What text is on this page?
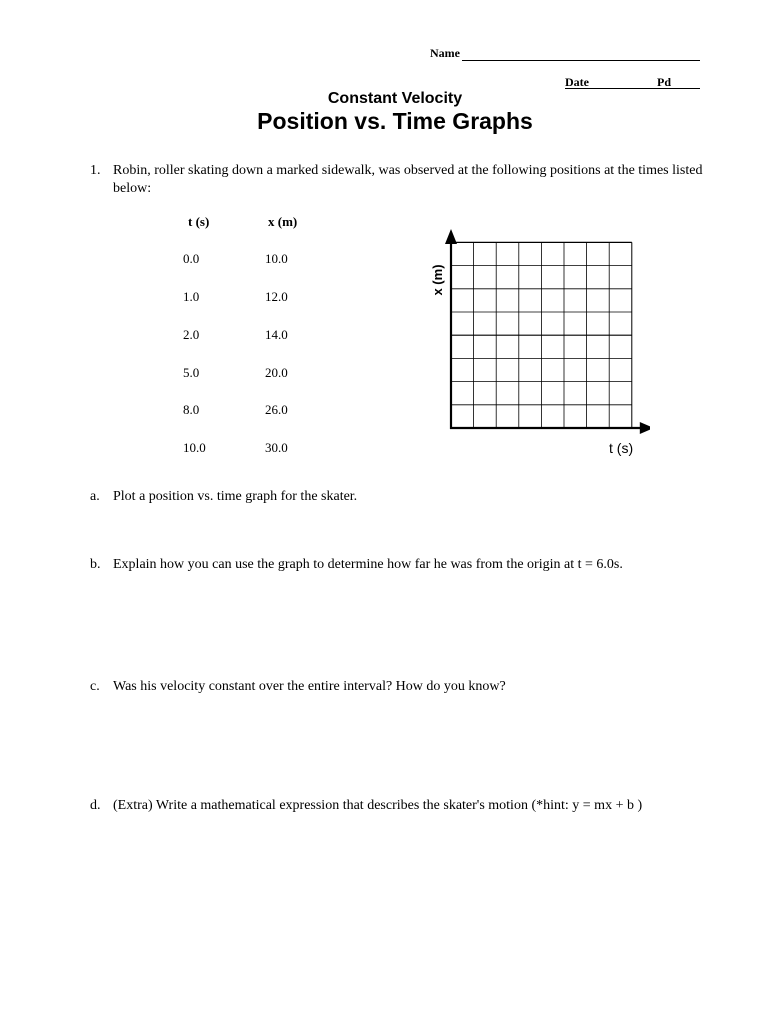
Name
Date	Pd
Constant Velocity
Position vs. Time Graphs
1. Robin, roller skating down a marked sidewalk, was observed at the following positions at the times listed below:
t (s)	x (m)
0.0	10.0
1.0	12.0
2.0	14.0
5.0	20.0
8.0	26.0
10.0	30.0
x (m)
t (s)
a. Plot a position vs. time graph for the skater.
b. Explain how you can use the graph to determine how far he was from the origin at t = 6.0s.
c. Was his velocity constant over the entire interval? How do you know?
d. (Extra) Write a mathematical expression that describes the skater's motion (*hint: y = mx + b )
